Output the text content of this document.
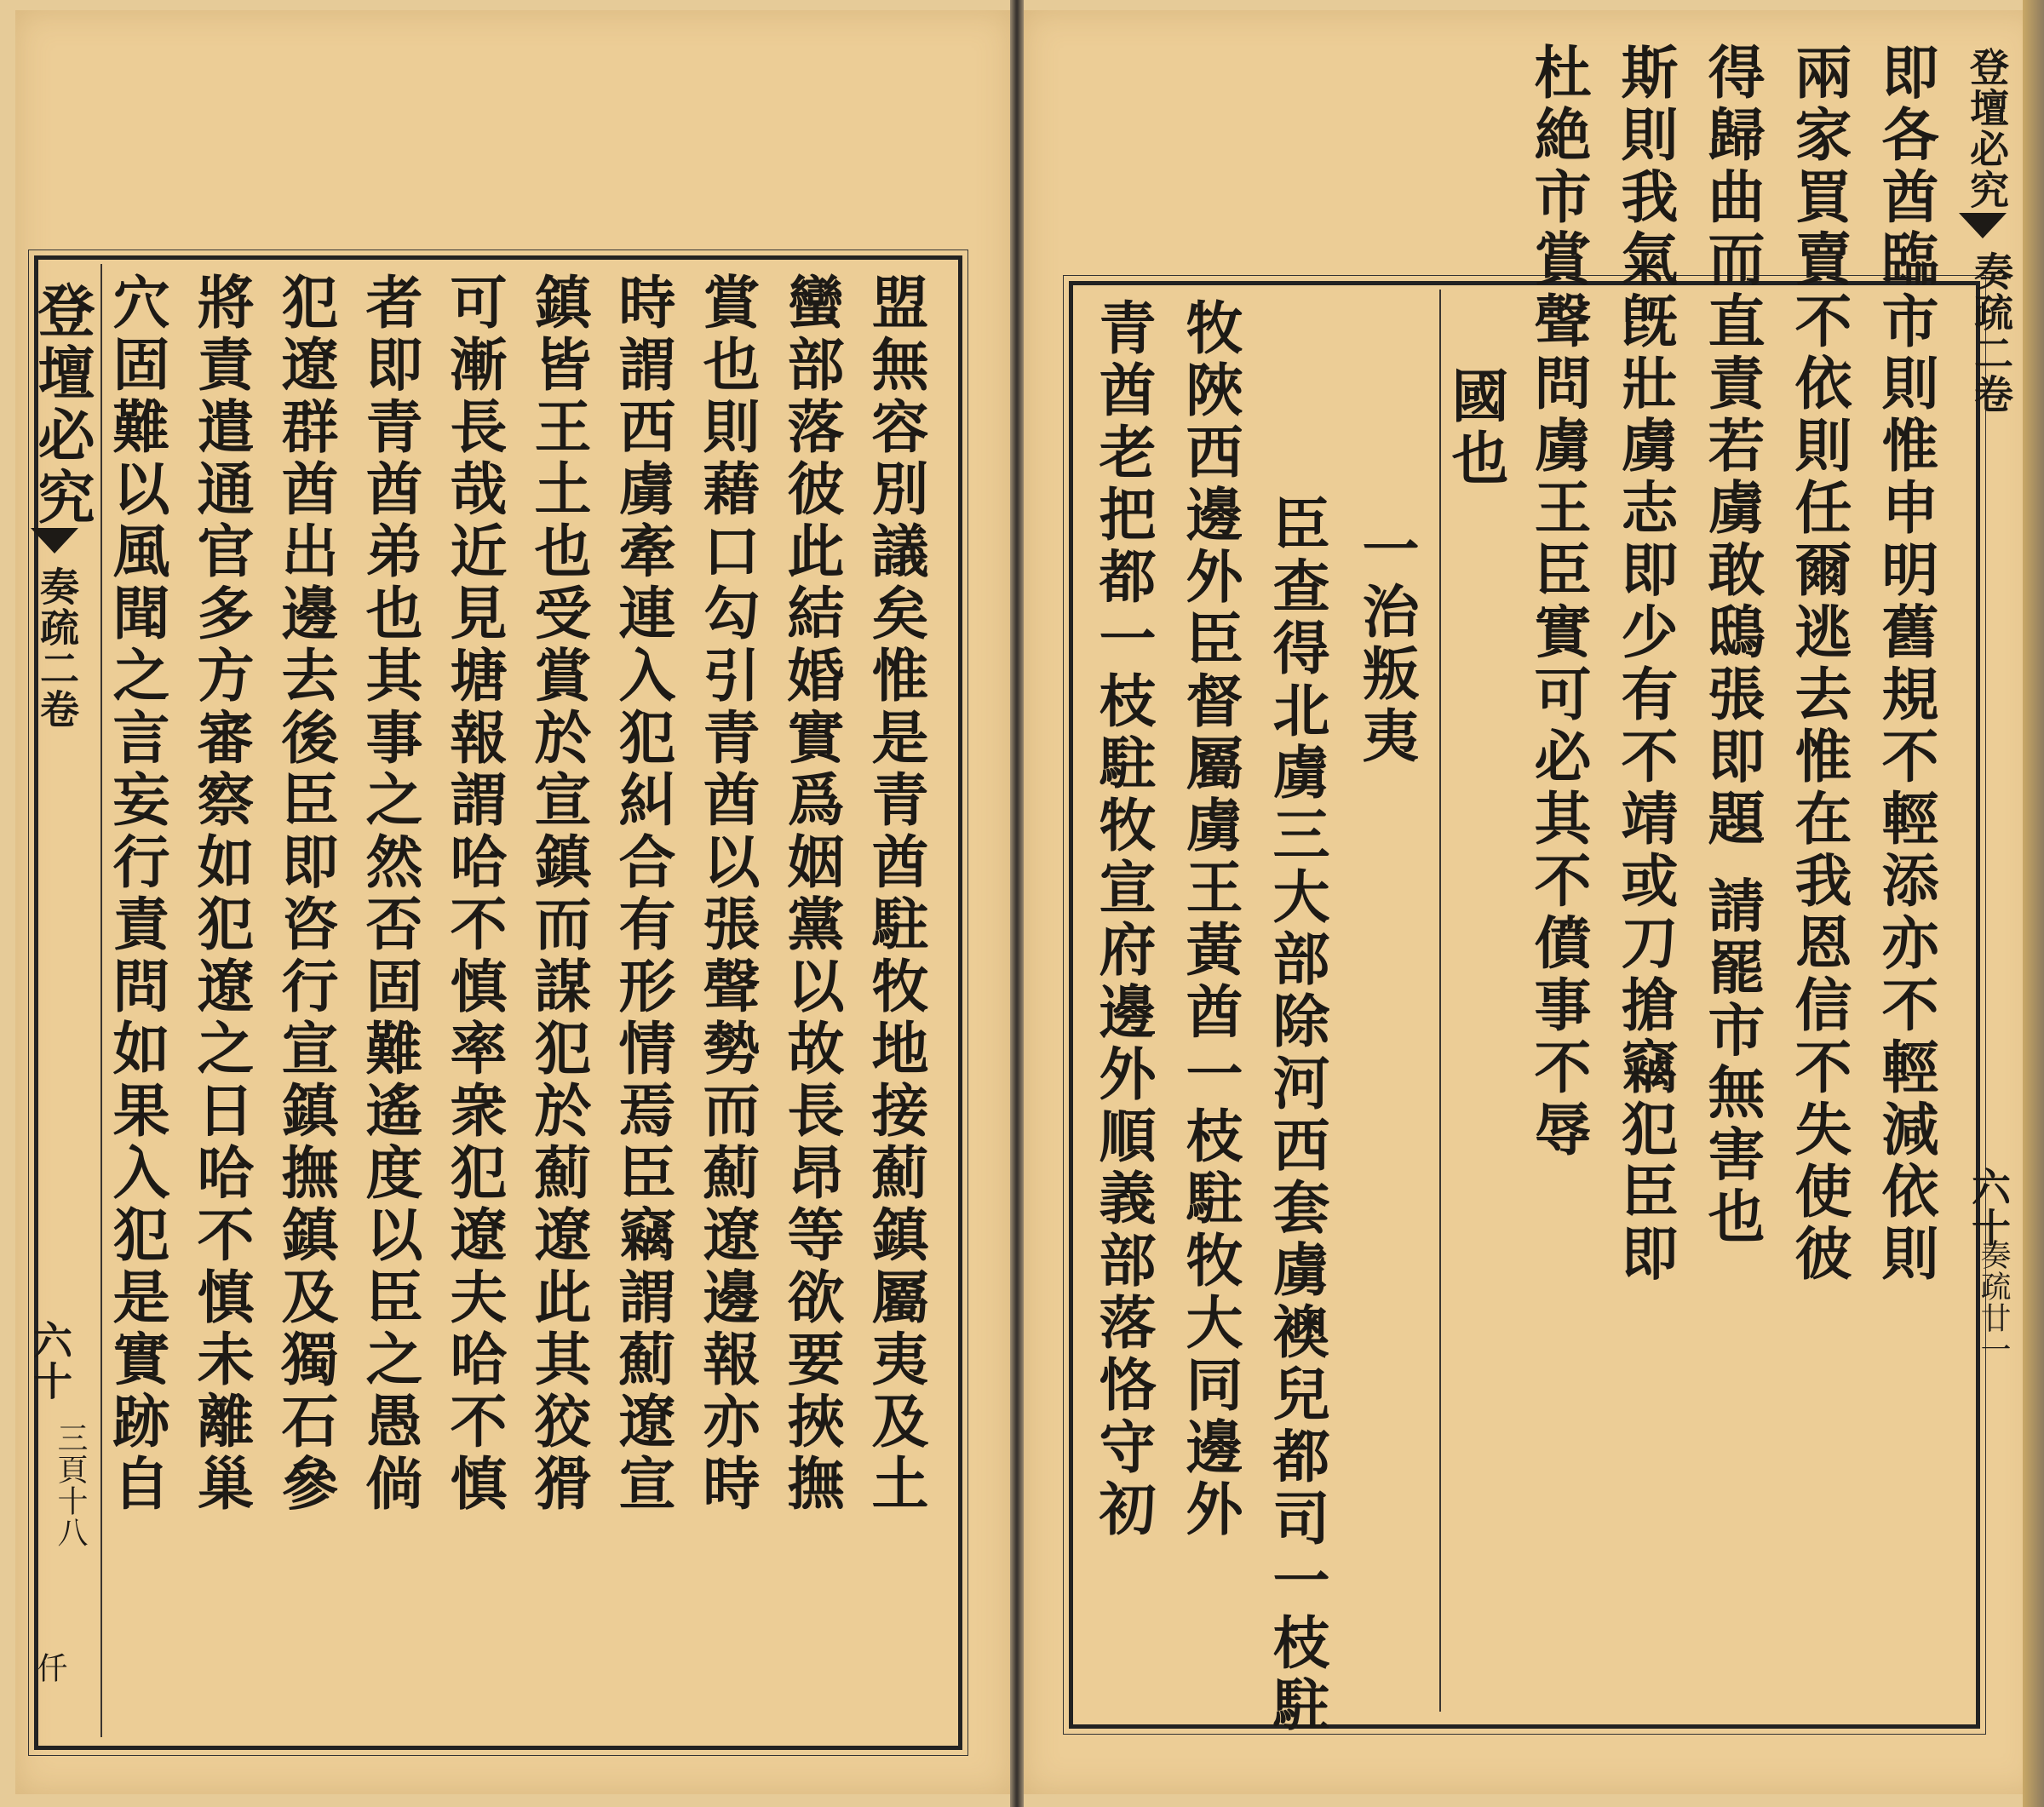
登壇必究
奏疏二卷
六十
三頁十八
仟
穴固難以風聞之言妄行責問如果入犯是實跡自 將責遣通官多方審察如犯遼之日哈不慎未離巢 犯遼群酋出邊去後臣即咨行宣鎮撫鎮及獨石參 者即青酋弟也其事之然否固難遙度以臣之愚倘 可漸長哉近見塘報謂哈不慎率衆犯遼夫哈不慎 鎮皆王土也受賞於宣鎮而謀犯於薊遼此其狡猾 時謂西虜牽連入犯糾合有形情焉臣竊謂薊遼宣 賞也則藉口勾引青酋以張聲勢而薊遼邊報亦時 蠻部落彼此結婚實爲姻黨以故長昂等欲要挾撫 盟無容別議矣惟是青酋駐牧地接薊鎮屬夷及土
登壇必究
奏疏二卷
六十
奏疏廿一
即各酋臨市則惟申明舊規不輕添亦不輕減依則
兩家買賣不依則任爾逃去惟在我恩信不失使彼
得歸曲而直責若虜敢鴟張即題 請罷市無害也
斯則我氣旣壯虜志即少有不靖或刀搶竊犯臣即
杜絶市賞聲問虜王臣實可必其不僨事不辱
國也
一治叛夷
臣查得北虜三大部除河西套虜襖兒都司一枝駐
牧陜西邊外臣督屬虜王黃酋一枝駐牧大同邊外
青酋老把都一枝駐牧宣府邊外順義部落恪守初
